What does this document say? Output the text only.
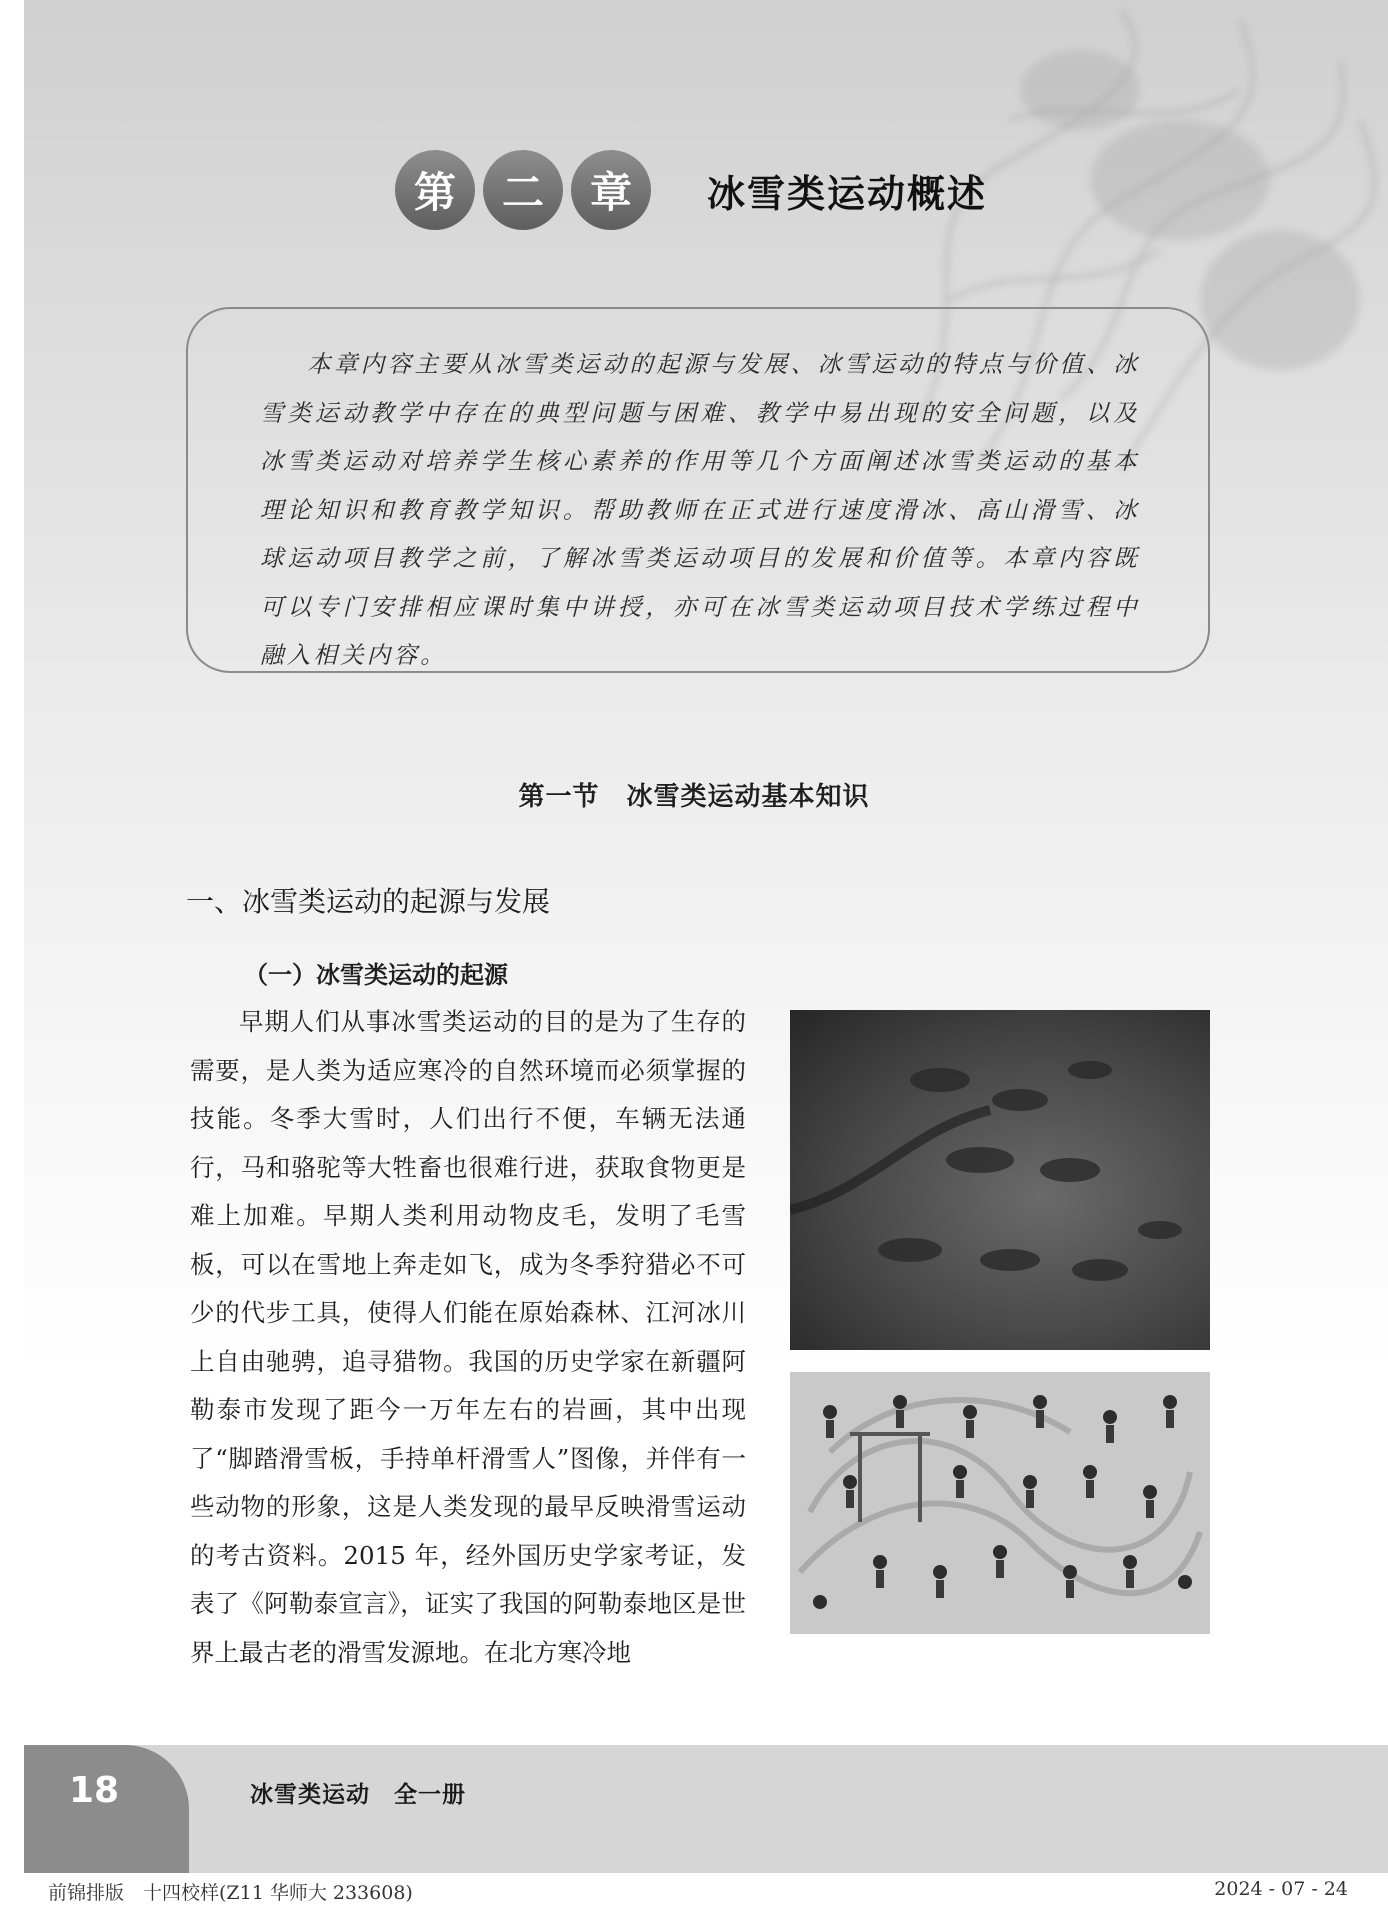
第	二	章	冰雪类运动概述

本章内容主要从冰雪类运动的起源与发展、冰雪运动的特点与价值、冰雪类运动教学中存在的典型问题与困难、教学中易出现的安全问题，以及冰雪类运动对培养学生核心素养的作用等几个方面阐述冰雪类运动的基本理论知识和教育教学知识。帮助教师在正式进行速度滑冰、高山滑雪、冰球运动项目教学之前，了解冰雪类运动项目的发展和价值等。本章内容既可以专门安排相应课时集中讲授，亦可在冰雪类运动项目技术学练过程中融入相关内容。

第一节　冰雪类运动基本知识
一、冰雪类运动的起源与发展
（一）冰雪类运动的起源

早期人们从事冰雪类运动的目的是为了生存的需要，是人类为适应寒冷的自然环境而必须掌握的技能。冬季大雪时，人们出行不便，车辆无法通行，马和骆驼等大牲畜也很难行进，获取食物更是难上加难。早期人类利用动物皮毛，发明了毛雪板，可以在雪地上奔走如飞，成为冬季狩猎必不可少的代步工具，使得人们能在原始森林、江河冰川上自由驰骋，追寻猎物。我国的历史学家在新疆阿勒泰市发现了距今一万年左右的岩画，其中出现了“脚踏滑雪板，手持单杆滑雪人”图像，并伴有一些动物的形象，这是人类发现的最早反映滑雪运动的考古资料。2015 年，经外国历史学家考证，发表了《阿勒泰宣言》，证实了我国的阿勒泰地区是世界上最古老的滑雪发源地。在北方寒冷地

18	冰雪类运动　全一册
前锦排版　十四校样(Z11 华师大 233608)	2024 - 07 - 24
